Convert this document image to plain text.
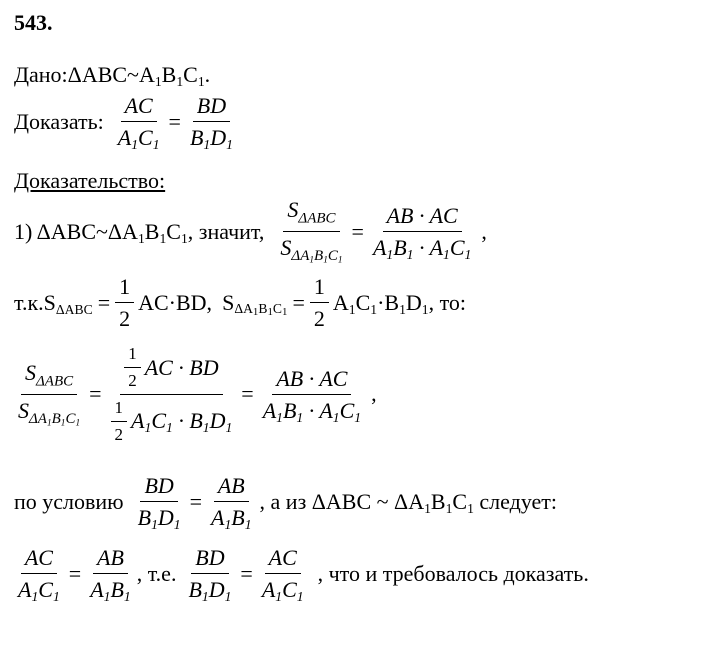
543.
$Дано:\Delta ABC\sim A_1B_1C_1$.
Доказать: $\frac{AC}{A_1C_1} = \frac{BD}{B_1D_1}$
Доказательство:
1) $\Delta ABC\sim\Delta A_1B_1C_1$, значит, $\frac{S_{\Delta ABC}}{S_{\Delta A_1B_1C_1}} = \frac{AB \cdot AC}{A_1B_1 \cdot A_1C_1}$ ,
т.к. $S_{\Delta ABC} = \frac{1}{2} AC\cdot BD$, $S_{\Delta A_1B_1C_1} = \frac{1}{2} A_1C_1\cdot B_1D_1$ , то:
$\frac{S_{\Delta ABC}}{S_{\Delta A_1B_1C_1}} = \frac{\frac{1}{2} AC \cdot BD}{\frac{1}{2} A_1C_1 \cdot B_1D_1} = \frac{AB \cdot AC}{A_1B_1 \cdot A_1C_1}$ ,
по условию $\frac{BD}{B_1D_1} = \frac{AB}{A_1B_1}$ , а из ΔABC ~ $\Delta A_1B_1C_1$ следует:
$\frac{AC}{A_1C_1} = \frac{AB}{A_1B_1}$ , т.е. $\frac{BD}{B_1D_1} = \frac{AC}{A_1C_1}$ , что и требовалось доказать.
